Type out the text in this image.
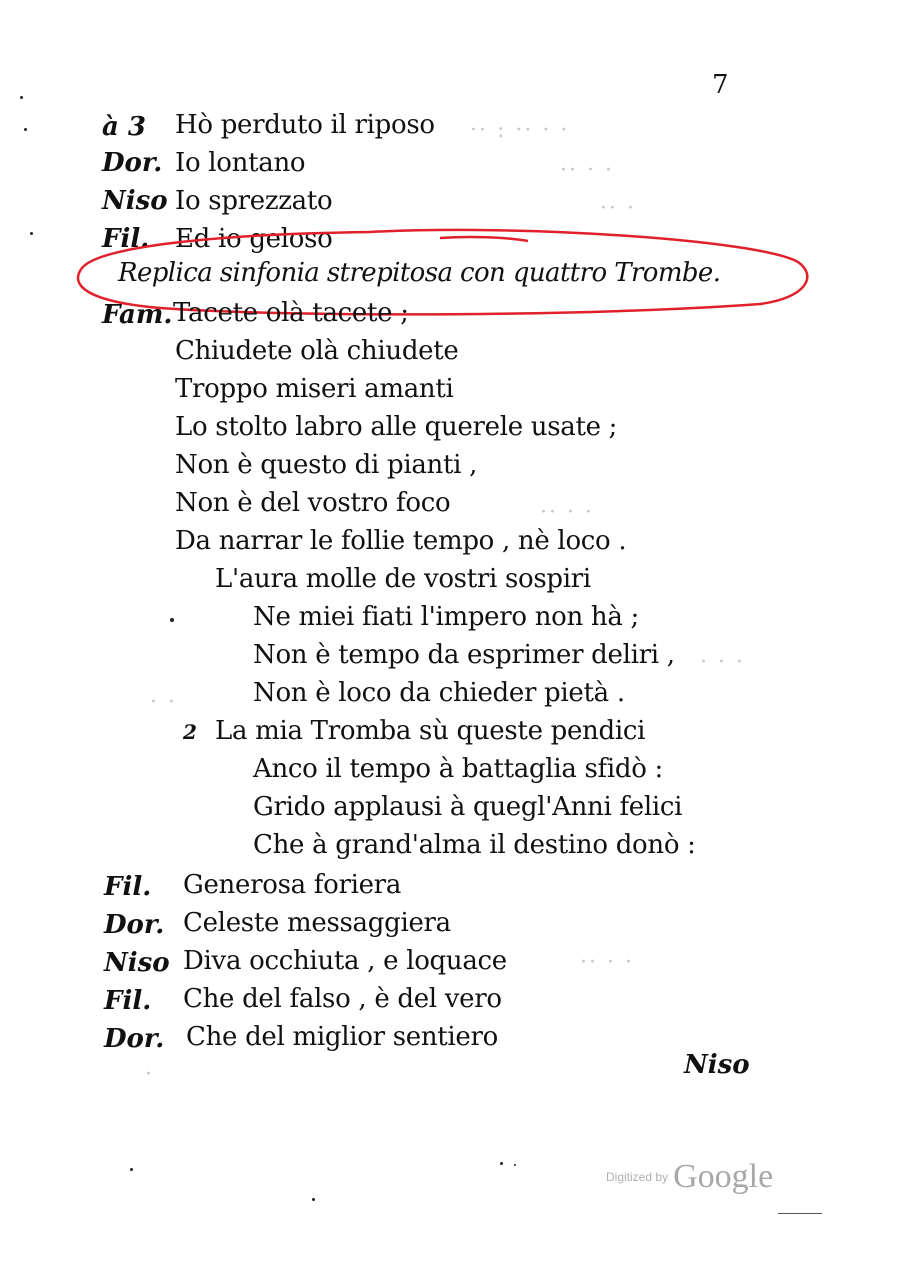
7
à 3 Hò perduto il riposo
Dor. Io lontano
Niso Io sprezzato
Fil. Ed io geloso
Replica sinfonia strepitosa con quattro Trombe.
Fam. Tacete olà tacete ;
Chiudete olà chiudete
Troppo miseri amanti
Lo stolto labro alle querele usate ;
Non è questo di pianti ,
Non è del vostro foco
Da narrar le follie tempo , nè loco .
L'aura molle de vostri sospiri
Ne miei fiati l'impero non hà ;
Non è tempo da esprimer deliri ,
Non è loco da chieder pietà .
2 La mia Tromba sù queste pendici
Anco il tempo à battaglia sfidò :
Grido applausi à quegl'Anni felici
Che à grand'alma il destino donò :
Fil. Generosa foriera
Dor. Celeste messaggiera
Niso Diva occhiuta , e loquace
Fil. Che del falso , è del vero
Dor. Che del miglior sentiero
Niso
·· : ·· · ·
·· · ·
·· ·
·· · ·
· · ·
· ·
·· · ·
·
Digitized by Google
